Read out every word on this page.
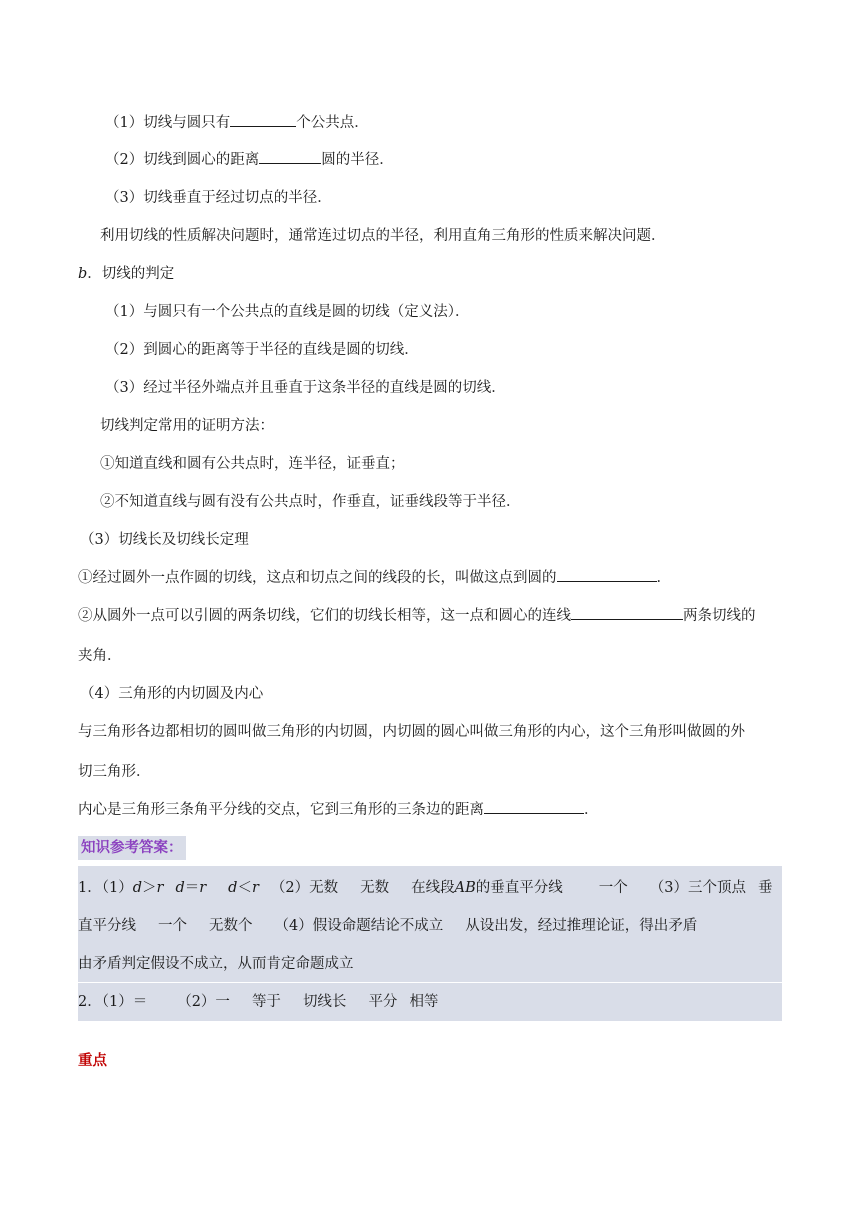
（1）切线与圆只有	个公共点．
（2）切线到圆心的距离	圆的半径．
（3）切线垂直于经过切点的半径．
利用切线的性质解决问题时，通常连过切点的半径，利用直角三角形的性质来解决问题．
b．切线的判定
（1）与圆只有一个公共点的直线是圆的切线（定义法）．
（2）到圆心的距离等于半径的直线是圆的切线．
（3）经过半径外端点并且垂直于这条半径的直线是圆的切线．
切线判定常用的证明方法：
①知道直线和圆有公共点时，连半径，证垂直；
②不知道直线与圆有没有公共点时，作垂直，证垂线段等于半径．
（3）切线长及切线长定理
①经过圆外一点作圆的切线，这点和切点之间的线段的长，叫做这点到圆的	．
②从圆外一点可以引圆的两条切线，它们的切线长相等，这一点和圆心的连线	两条切线的
夹角．
（4）三角形的内切圆及内心
与三角形各边都相切的圆叫做三角形的内切圆，内切圆的圆心叫做三角形的内心，这个三角形叫做圆的外
切三角形．
内心是三角形三条角平分线的交点，它到三角形的三条边的距离	．
知识参考答案：
1．（1）d＞r d＝r d＜r （2）无数 无数 在线段AB的垂直平分线 一个 （3）三个顶点 垂
直平分线 一个 无数个 （4）假设命题结论不成立 从设出发，经过推理论证，得出矛盾
由矛盾判定假设不成立，从而肯定命题成立
2．（1）＝ （2）一 等于 切线长 平分 相等
重点
